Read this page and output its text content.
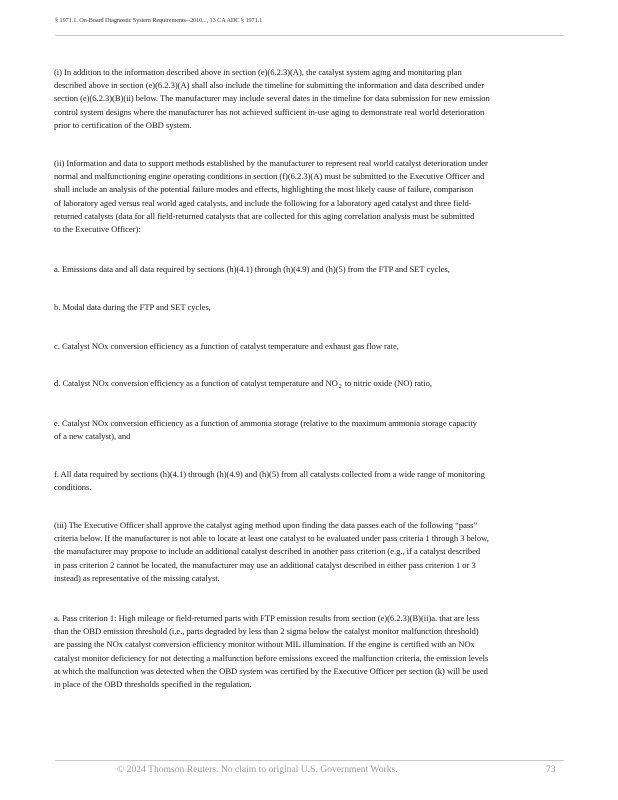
§ 1971.1. On-Board Diagnostic System Requirements--2010..., 13 CA ADC § 1971.1

(i) In addition to the information described above in section (e)(6.2.3)(A), the catalyst system aging and monitoring plan
described above in section (e)(6.2.3)(A) shall also include the timeline for submitting the information and data described under
section (e)(6.2.3)(B)(ii) below. The manufacturer may include several dates in the timeline for data submission for new emission
control system designs where the manufacturer has not achieved sufficient in-use aging to demonstrate real world deterioration
prior to certification of the OBD system.

(ii) Information and data to support methods established by the manufacturer to represent real world catalyst deterioration under
normal and malfunctioning engine operating conditions in section (f)(6.2.3)(A) must be submitted to the Executive Officer and
shall include an analysis of the potential failure modes and effects, highlighting the most likely cause of failure, comparison
of laboratory aged versus real world aged catalysts, and include the following for a laboratory aged catalyst and three field-
returned catalysts (data for all field-returned catalysts that are collected for this aging correlation analysis must be submitted
to the Executive Officer):

a. Emissions data and all data required by sections (h)(4.1) through (h)(4.9) and (h)(5) from the FTP and SET cycles,

b. Modal data during the FTP and SET cycles,

c. Catalyst NOx conversion efficiency as a function of catalyst temperature and exhaust gas flow rate,

d. Catalyst NOx conversion efficiency as a function of catalyst temperature and $NO_2$ to nitric oxide (NO) ratio,

e. Catalyst NOx conversion efficiency as a function of ammonia storage (relative to the maximum ammonia storage capacity
of a new catalyst), and

f. All data required by sections (h)(4.1) through (h)(4.9) and (h)(5) from all catalysts collected from a wide range of monitoring
conditions.

(iii) The Executive Officer shall approve the catalyst aging method upon finding the data passes each of the following “pass”
criteria below. If the manufacturer is not able to locate at least one catalyst to be evaluated under pass criteria 1 through 3 below,
the manufacturer may propose to include an additional catalyst described in another pass criterion (e.g., if a catalyst described
in pass criterion 2 cannot be located, the manufacturer may use an additional catalyst described in either pass criterion 1 or 3
instead) as representative of the missing catalyst.

a. Pass criterion 1: High mileage or field-returned parts with FTP emission results from section (e)(6.2.3)(B)(ii)a. that are less
than the OBD emission threshold (i.e., parts degraded by less than 2 sigma below the catalyst monitor malfunction threshold)
are passing the NOx catalyst conversion efficiency monitor without MIL illumination. If the engine is certified with an NOx
catalyst monitor deficiency for not detecting a malfunction before emissions exceed the malfunction criteria, the emission levels
at which the malfunction was detected when the OBD system was certified by the Executive Officer per section (k) will be used
in place of the OBD thresholds specified in the regulation.

© 2024 Thomson Reuters. No claim to original U.S. Government Works.	73
